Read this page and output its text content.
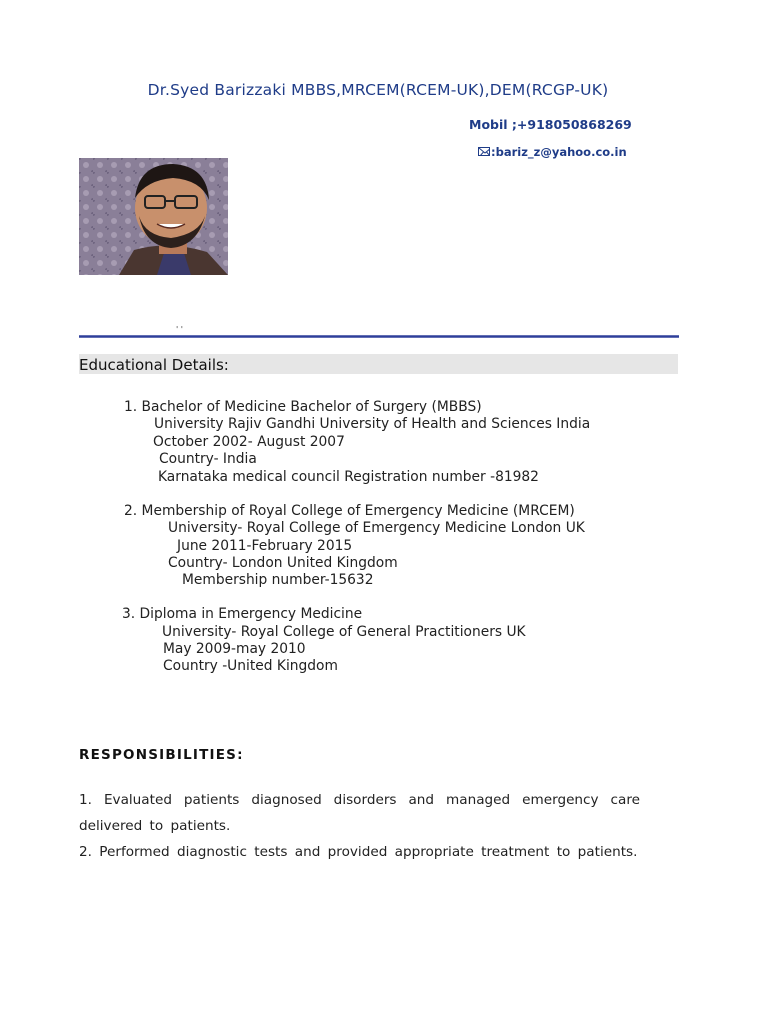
Dr.Syed Barizzaki MBBS,MRCEM(RCEM-UK),DEM(RCGP-UK)
Mobil ;+918050868269
:bariz_z@yahoo.co.in
' '
Educational Details:
1. Bachelor of Medicine Bachelor of Surgery (MBBS)
University Rajiv Gandhi University of Health and Sciences India
October 2002- August 2007
Country- India
Karnataka medical council Registration number -81982
2. Membership of Royal College of Emergency Medicine (MRCEM)
University- Royal College of Emergency Medicine London UK
June 2011-February 2015
Country- London United Kingdom
Membership number-15632
3. Diploma in Emergency Medicine
University- Royal College of General Practitioners UK
May 2009-may 2010
Country -United Kingdom
RESPONSIBILITIES:
1. Evaluated patients diagnosed disorders and managed emergency care delivered to patients.
2. Performed diagnostic tests and provided appropriate treatment to patients.
